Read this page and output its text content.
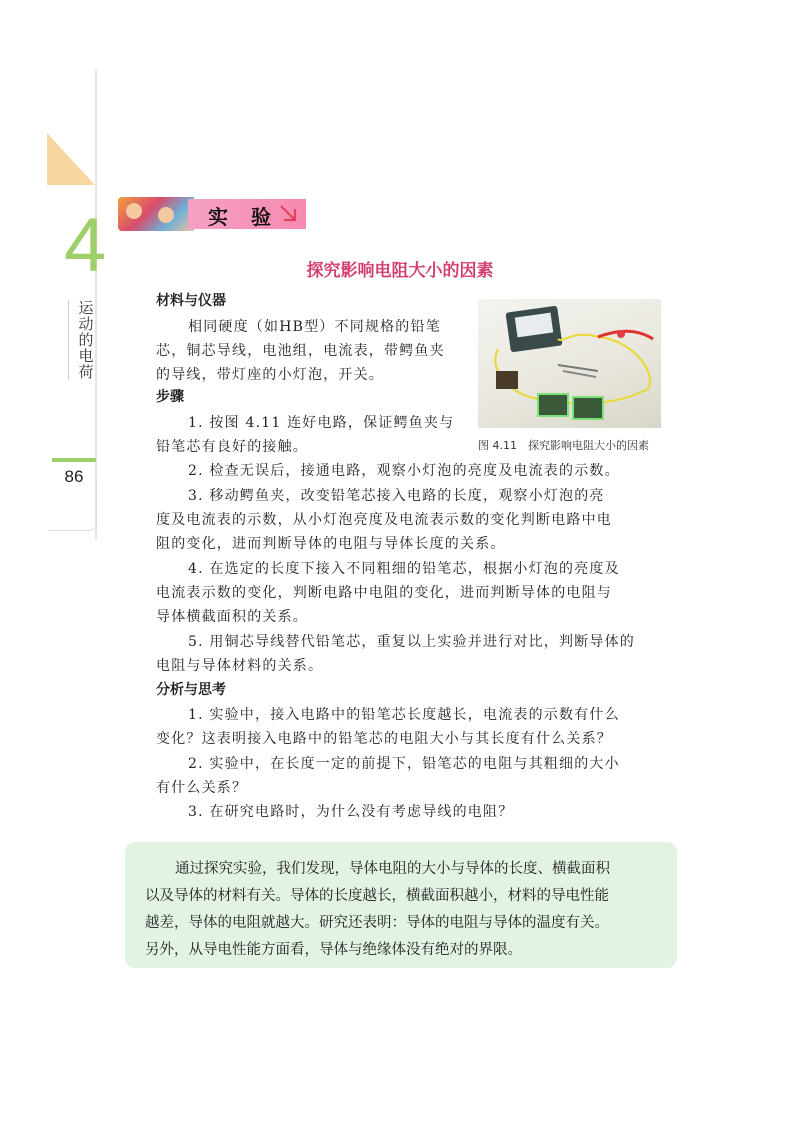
4
运动的电荷
86
实 验
探究影响电阻大小的因素
材料与仪器
相同硬度（如HB型）不同规格的铅笔
芯，铜芯导线，电池组，电流表，带鳄鱼夹
的导线，带灯座的小灯泡，开关。
图 4.11　探究影响电阻大小的因素
步骤
1. 按图 4.11 连好电路，保证鳄鱼夹与
铅笔芯有良好的接触。
2. 检查无误后，接通电路，观察小灯泡的亮度及电流表的示数。
3. 移动鳄鱼夹，改变铅笔芯接入电路的长度，观察小灯泡的亮
度及电流表的示数，从小灯泡亮度及电流表示数的变化判断电路中电
阻的变化，进而判断导体的电阻与导体长度的关系。
4. 在选定的长度下接入不同粗细的铅笔芯，根据小灯泡的亮度及
电流表示数的变化，判断电路中电阻的变化，进而判断导体的电阻与
导体横截面积的关系。
5. 用铜芯导线替代铅笔芯，重复以上实验并进行对比，判断导体的
电阻与导体材料的关系。
分析与思考
1. 实验中，接入电路中的铅笔芯长度越长，电流表的示数有什么
变化？这表明接入电路中的铅笔芯的电阻大小与其长度有什么关系？
2. 实验中，在长度一定的前提下，铅笔芯的电阻与其粗细的大小
有什么关系？
3. 在研究电路时，为什么没有考虑导线的电阻？
通过探究实验，我们发现，导体电阻的大小与导体的长度、横截面积
以及导体的材料有关。导体的长度越长，横截面积越小，材料的导电性能
越差，导体的电阻就越大。研究还表明：导体的电阻与导体的温度有关。
另外，从导电性能方面看，导体与绝缘体没有绝对的界限。
